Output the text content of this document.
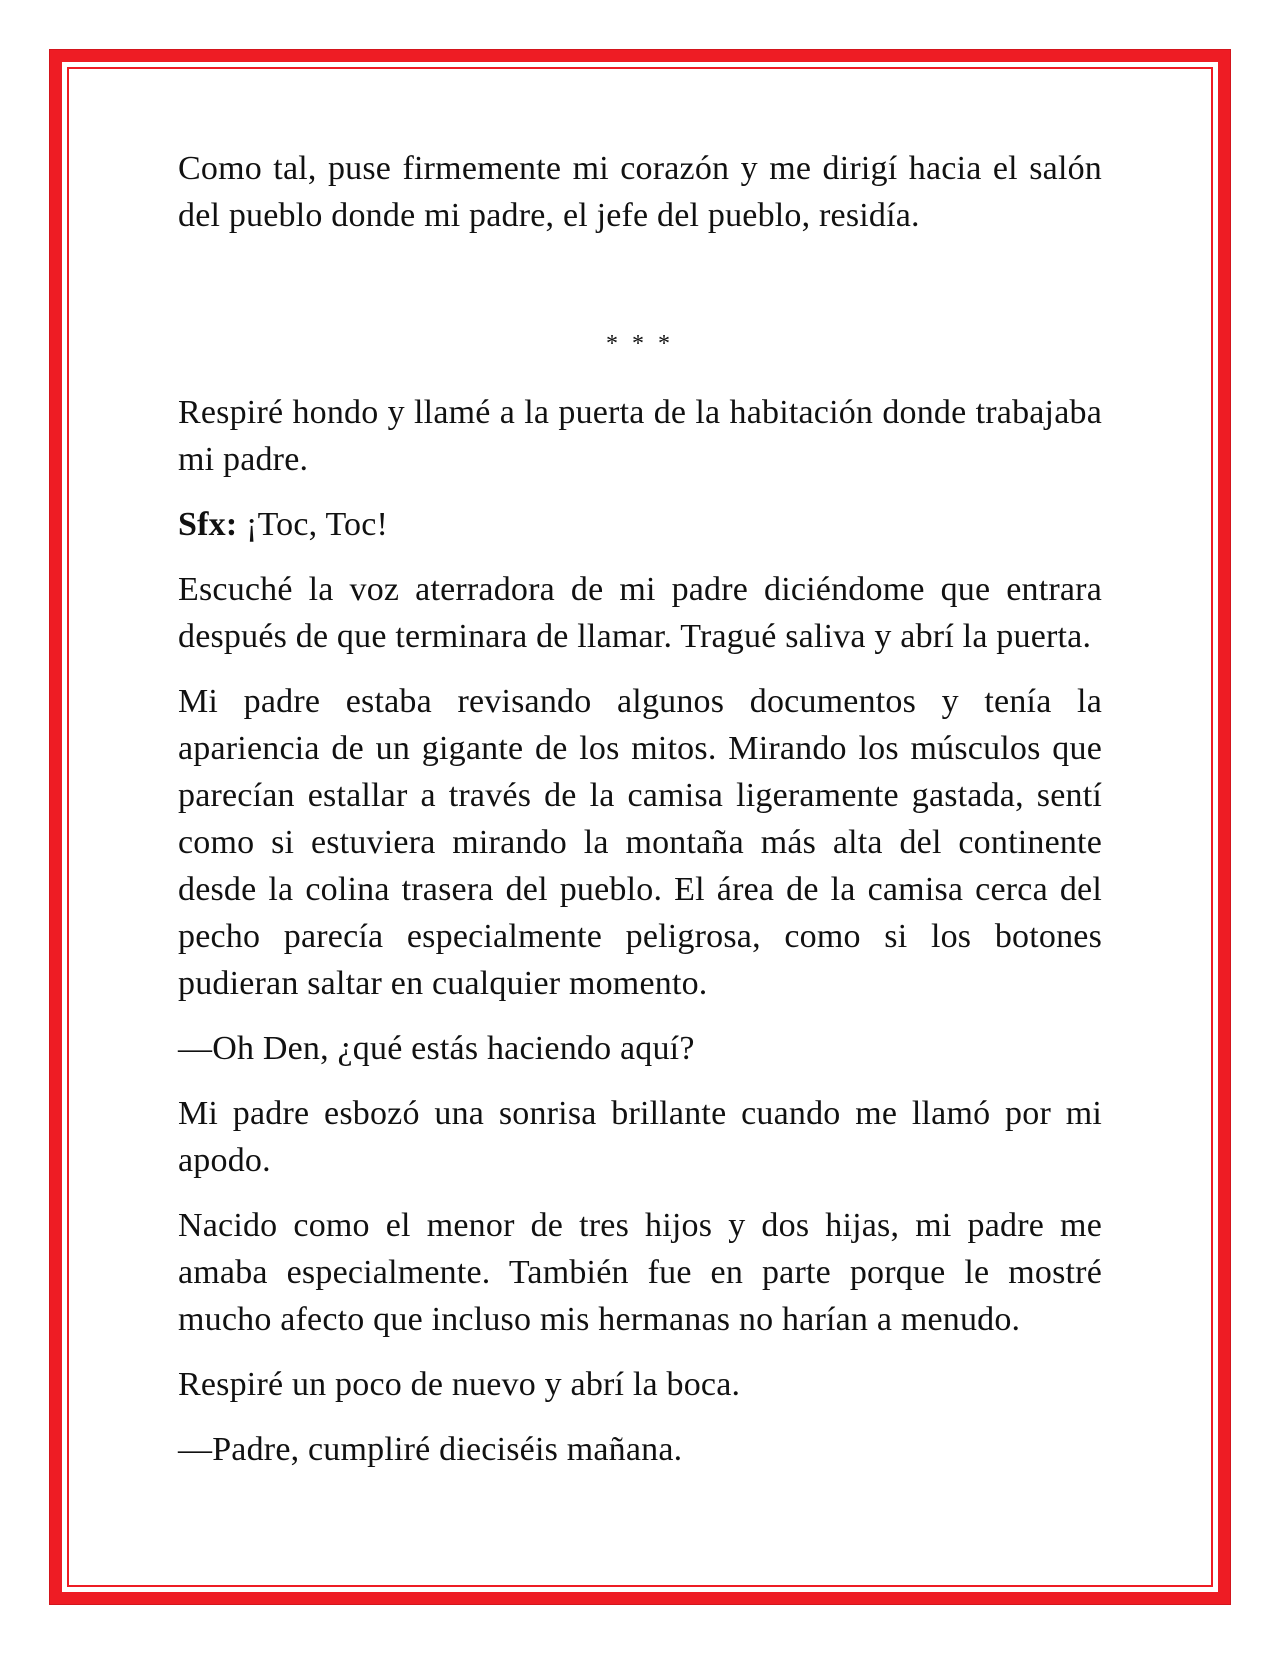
Como tal, puse firmemente mi corazón y me dirigí hacia el salón del pueblo donde mi padre, el jefe del pueblo, residía.

* * *

Respiré hondo y llamé a la puerta de la habitación donde trabajaba mi padre.

Sfx: ¡Toc, Toc!

Escuché la voz aterradora de mi padre diciéndome que entrara después de que terminara de llamar. Tragué saliva y abrí la puerta.

Mi padre estaba revisando algunos documentos y tenía la apariencia de un gigante de los mitos. Mirando los músculos que parecían estallar a través de la camisa ligeramente gastada, sentí como si estuviera mirando la montaña más alta del continente desde la colina trasera del pueblo. El área de la camisa cerca del pecho parecía especialmente peligrosa, como si los botones pudieran saltar en cualquier momento.

—Oh Den, ¿qué estás haciendo aquí?

Mi padre esbozó una sonrisa brillante cuando me llamó por mi apodo.

Nacido como el menor de tres hijos y dos hijas, mi padre me amaba especialmente. También fue en parte porque le mostré mucho afecto que incluso mis hermanas no harían a menudo.

Respiré un poco de nuevo y abrí la boca.

—Padre, cumpliré dieciséis mañana.
